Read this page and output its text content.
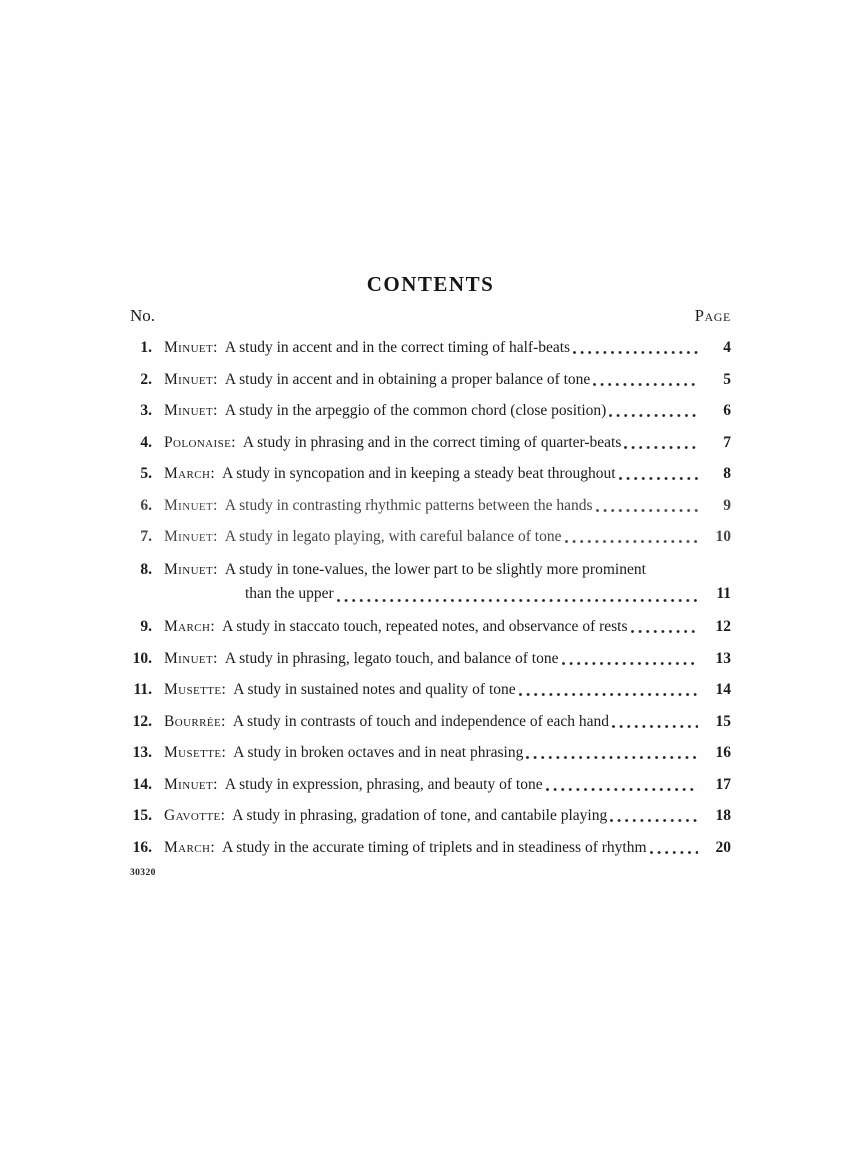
CONTENTS
No.	Page
1. Minuet: A study in accent and in the correct timing of half-beats	4
2. Minuet: A study in accent and in obtaining a proper balance of tone	5
3. Minuet: A study in the arpeggio of the common chord (close position)	6
4. Polonaise: A study in phrasing and in the correct timing of quarter-beats	7
5. March: A study in syncopation and in keeping a steady beat throughout	8
6. Minuet: A study in contrasting rhythmic patterns between the hands	9
7. Minuet: A study in legato playing, with careful balance of tone	10
8. Minuet: A study in tone-values, the lower part to be slightly more prominent
than the upper	11
9. March: A study in staccato touch, repeated notes, and observance of rests	12
10. Minuet: A study in phrasing, legato touch, and balance of tone	13
11. Musette: A study in sustained notes and quality of tone	14
12. Bourrée: A study in contrasts of touch and independence of each hand	15
13. Musette: A study in broken octaves and in neat phrasing	16
14. Minuet: A study in expression, phrasing, and beauty of tone	17
15. Gavotte: A study in phrasing, gradation of tone, and cantabile playing	18
16. March: A study in the accurate timing of triplets and in steadiness of rhythm	20
30320
